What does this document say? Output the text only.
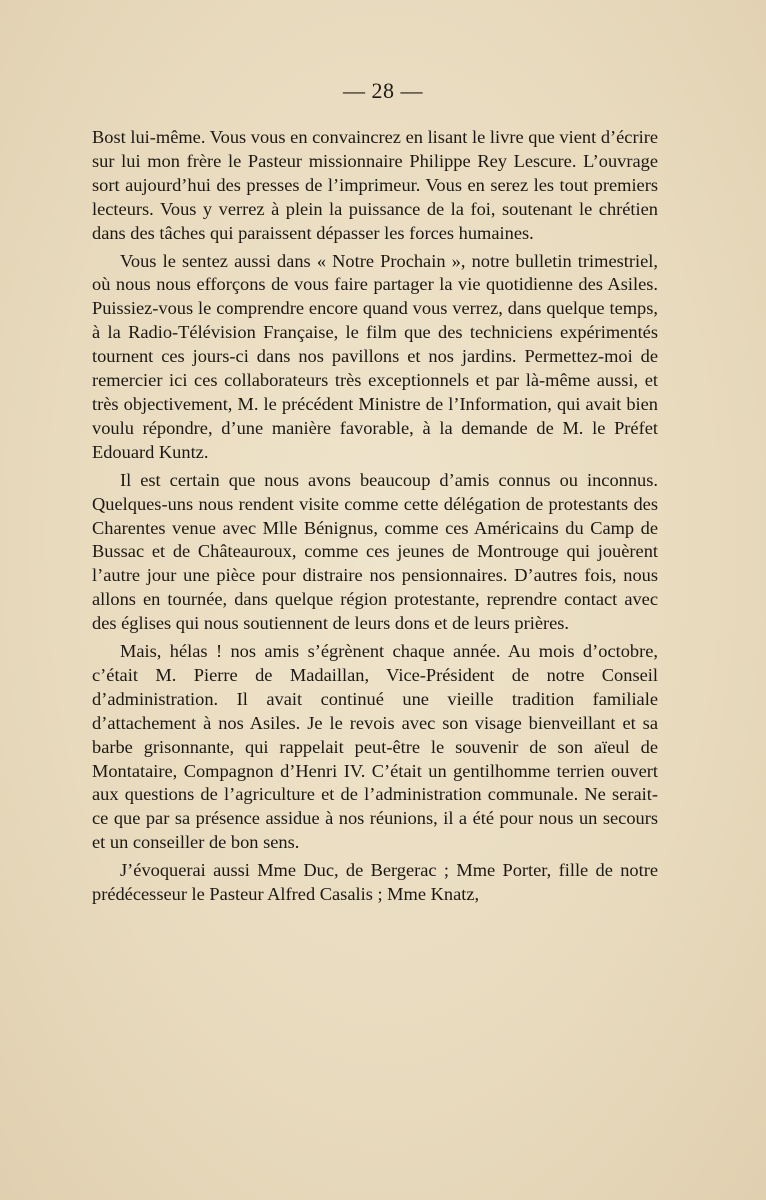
— 28 —

Bost lui-même. Vous vous en convaincrez en lisant le livre que vient d’écrire sur lui mon frère le Pasteur missionnaire Philippe Rey Lescure. L’ouvrage sort aujourd’hui des presses de l’imprimeur. Vous en serez les tout premiers lecteurs. Vous y verrez à plein la puissance de la foi, soutenant le chrétien dans des tâches qui paraissent dépasser les forces humaines.

Vous le sentez aussi dans « Notre Prochain », notre bulletin trimestriel, où nous nous efforçons de vous faire partager la vie quotidienne des Asiles. Puissiez-vous le comprendre encore quand vous verrez, dans quelque temps, à la Radio-Télévision Française, le film que des techniciens expérimentés tournent ces jours-ci dans nos pavillons et nos jardins. Permettez-moi de remercier ici ces collaborateurs très exceptionnels et par là-même aussi, et très objectivement, M. le précédent Ministre de l’Information, qui avait bien voulu répondre, d’une manière favorable, à la demande de M. le Préfet Edouard Kuntz.

Il est certain que nous avons beaucoup d’amis connus ou inconnus. Quelques-uns nous rendent visite comme cette délégation de protestants des Charentes venue avec Mlle Bénignus, comme ces Américains du Camp de Bussac et de Châteauroux, comme ces jeunes de Montrouge qui jouèrent l’autre jour une pièce pour distraire nos pensionnaires. D’autres fois, nous allons en tournée, dans quelque région protestante, reprendre contact avec des églises qui nous soutiennent de leurs dons et de leurs prières.

Mais, hélas ! nos amis s’égrènent chaque année. Au mois d’octobre, c’était M. Pierre de Madaillan, Vice-Président de notre Conseil d’administration. Il avait continué une vieille tradition familiale d’attachement à nos Asiles. Je le revois avec son visage bienveillant et sa barbe grisonnante, qui rappelait peut-être le souvenir de son aïeul de Montataire, Compagnon d’Henri IV. C’était un gentilhomme terrien ouvert aux questions de l’agriculture et de l’administration communale. Ne serait-ce que par sa présence assidue à nos réunions, il a été pour nous un secours et un conseiller de bon sens.

J’évoquerai aussi Mme Duc, de Bergerac ; Mme Porter, fille de notre prédécesseur le Pasteur Alfred Casalis ; Mme Knatz,
